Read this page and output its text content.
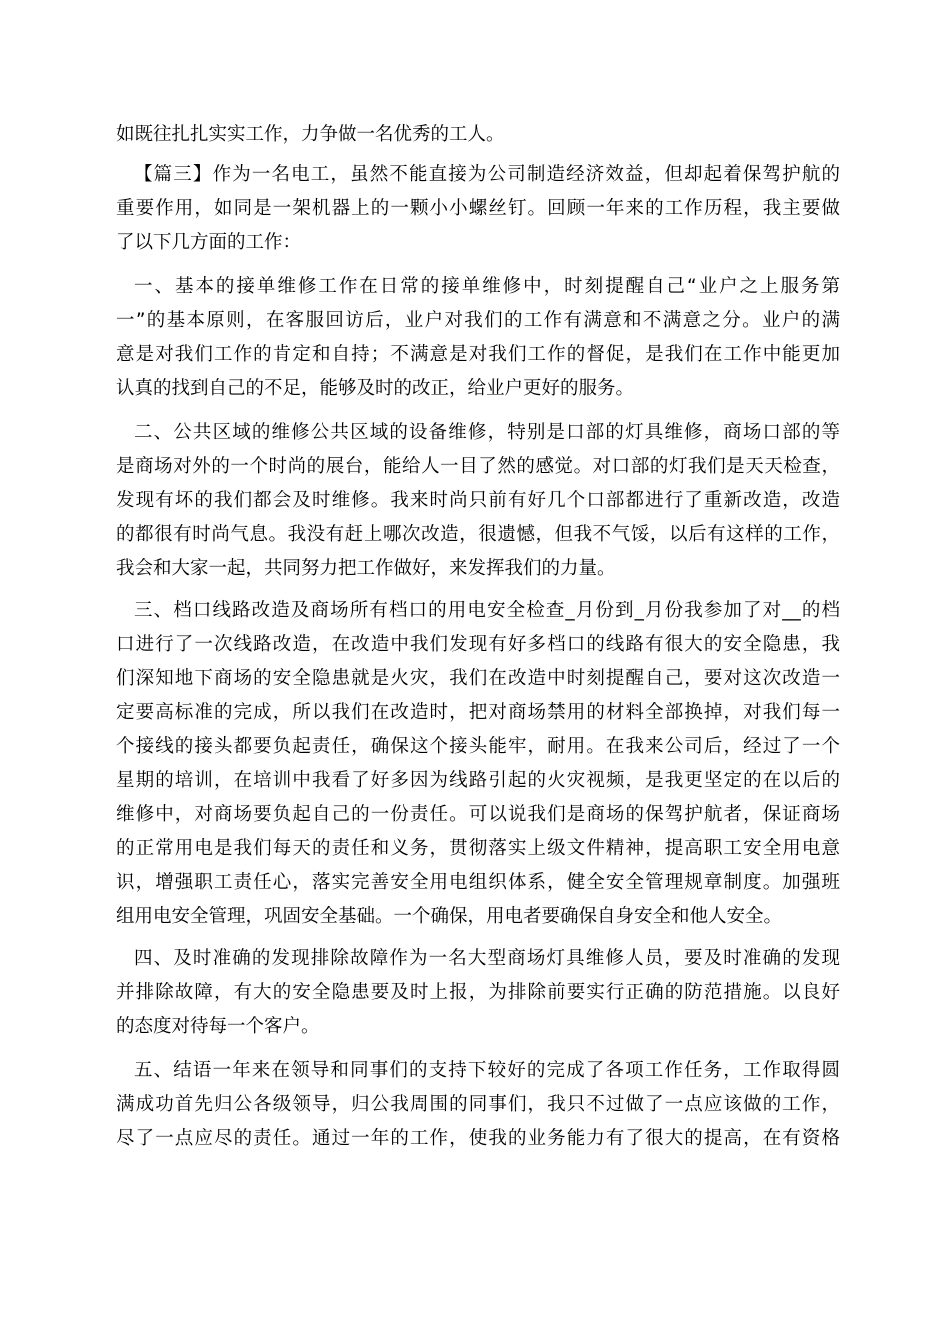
如既往扎扎实实工作，力争做一名优秀的工人。
【篇三】作为一名电工，虽然不能直接为公司制造经济效益，但却起着保驾护航的
重要作用，如同是一架机器上的一颗小小螺丝钉。回顾一年来的工作历程，我主要做
了以下几方面的工作：
一、基本的接单维修工作在日常的接单维修中，时刻提醒自己“业户之上服务第
一”的基本原则，在客服回访后，业户对我们的工作有满意和不满意之分。业户的满
意是对我们工作的肯定和自持；不满意是对我们工作的督促，是我们在工作中能更加
认真的找到自己的不足，能够及时的改正，给业户更好的服务。
二、公共区域的维修公共区域的设备维修，特别是口部的灯具维修，商场口部的等
是商场对外的一个时尚的展台，能给人一目了然的感觉。对口部的灯我们是天天检查，
发现有坏的我们都会及时维修。我来时尚只前有好几个口部都进行了重新改造，改造
的都很有时尚气息。我没有赶上哪次改造，很遗憾，但我不气馁，以后有这样的工作，
我会和大家一起，共同努力把工作做好，来发挥我们的力量。
三、档口线路改造及商场所有档口的用电安全检查_月份到_月份我参加了对__的档
口进行了一次线路改造，在改造中我们发现有好多档口的线路有很大的安全隐患，我
们深知地下商场的安全隐患就是火灾，我们在改造中时刻提醒自己，要对这次改造一
定要高标准的完成，所以我们在改造时，把对商场禁用的材料全部换掉，对我们每一
个接线的接头都要负起责任，确保这个接头能牢，耐用。在我来公司后，经过了一个
星期的培训，在培训中我看了好多因为线路引起的火灾视频，是我更坚定的在以后的
维修中，对商场要负起自己的一份责任。可以说我们是商场的保驾护航者，保证商场
的正常用电是我们每天的责任和义务，贯彻落实上级文件精神，提高职工安全用电意
识，增强职工责任心，落实完善安全用电组织体系，健全安全管理规章制度。加强班
组用电安全管理，巩固安全基础。一个确保，用电者要确保自身安全和他人安全。
四、及时准确的发现排除故障作为一名大型商场灯具维修人员，要及时准确的发现
并排除故障，有大的安全隐患要及时上报，为排除前要实行正确的防范措施。以良好
的态度对待每一个客户。
五、结语一年来在领导和同事们的支持下较好的完成了各项工作任务，工作取得圆
满成功首先归公各级领导，归公我周围的同事们，我只不过做了一点应该做的工作，
尽了一点应尽的责任。通过一年的工作，使我的业务能力有了很大的提高，在有资格
